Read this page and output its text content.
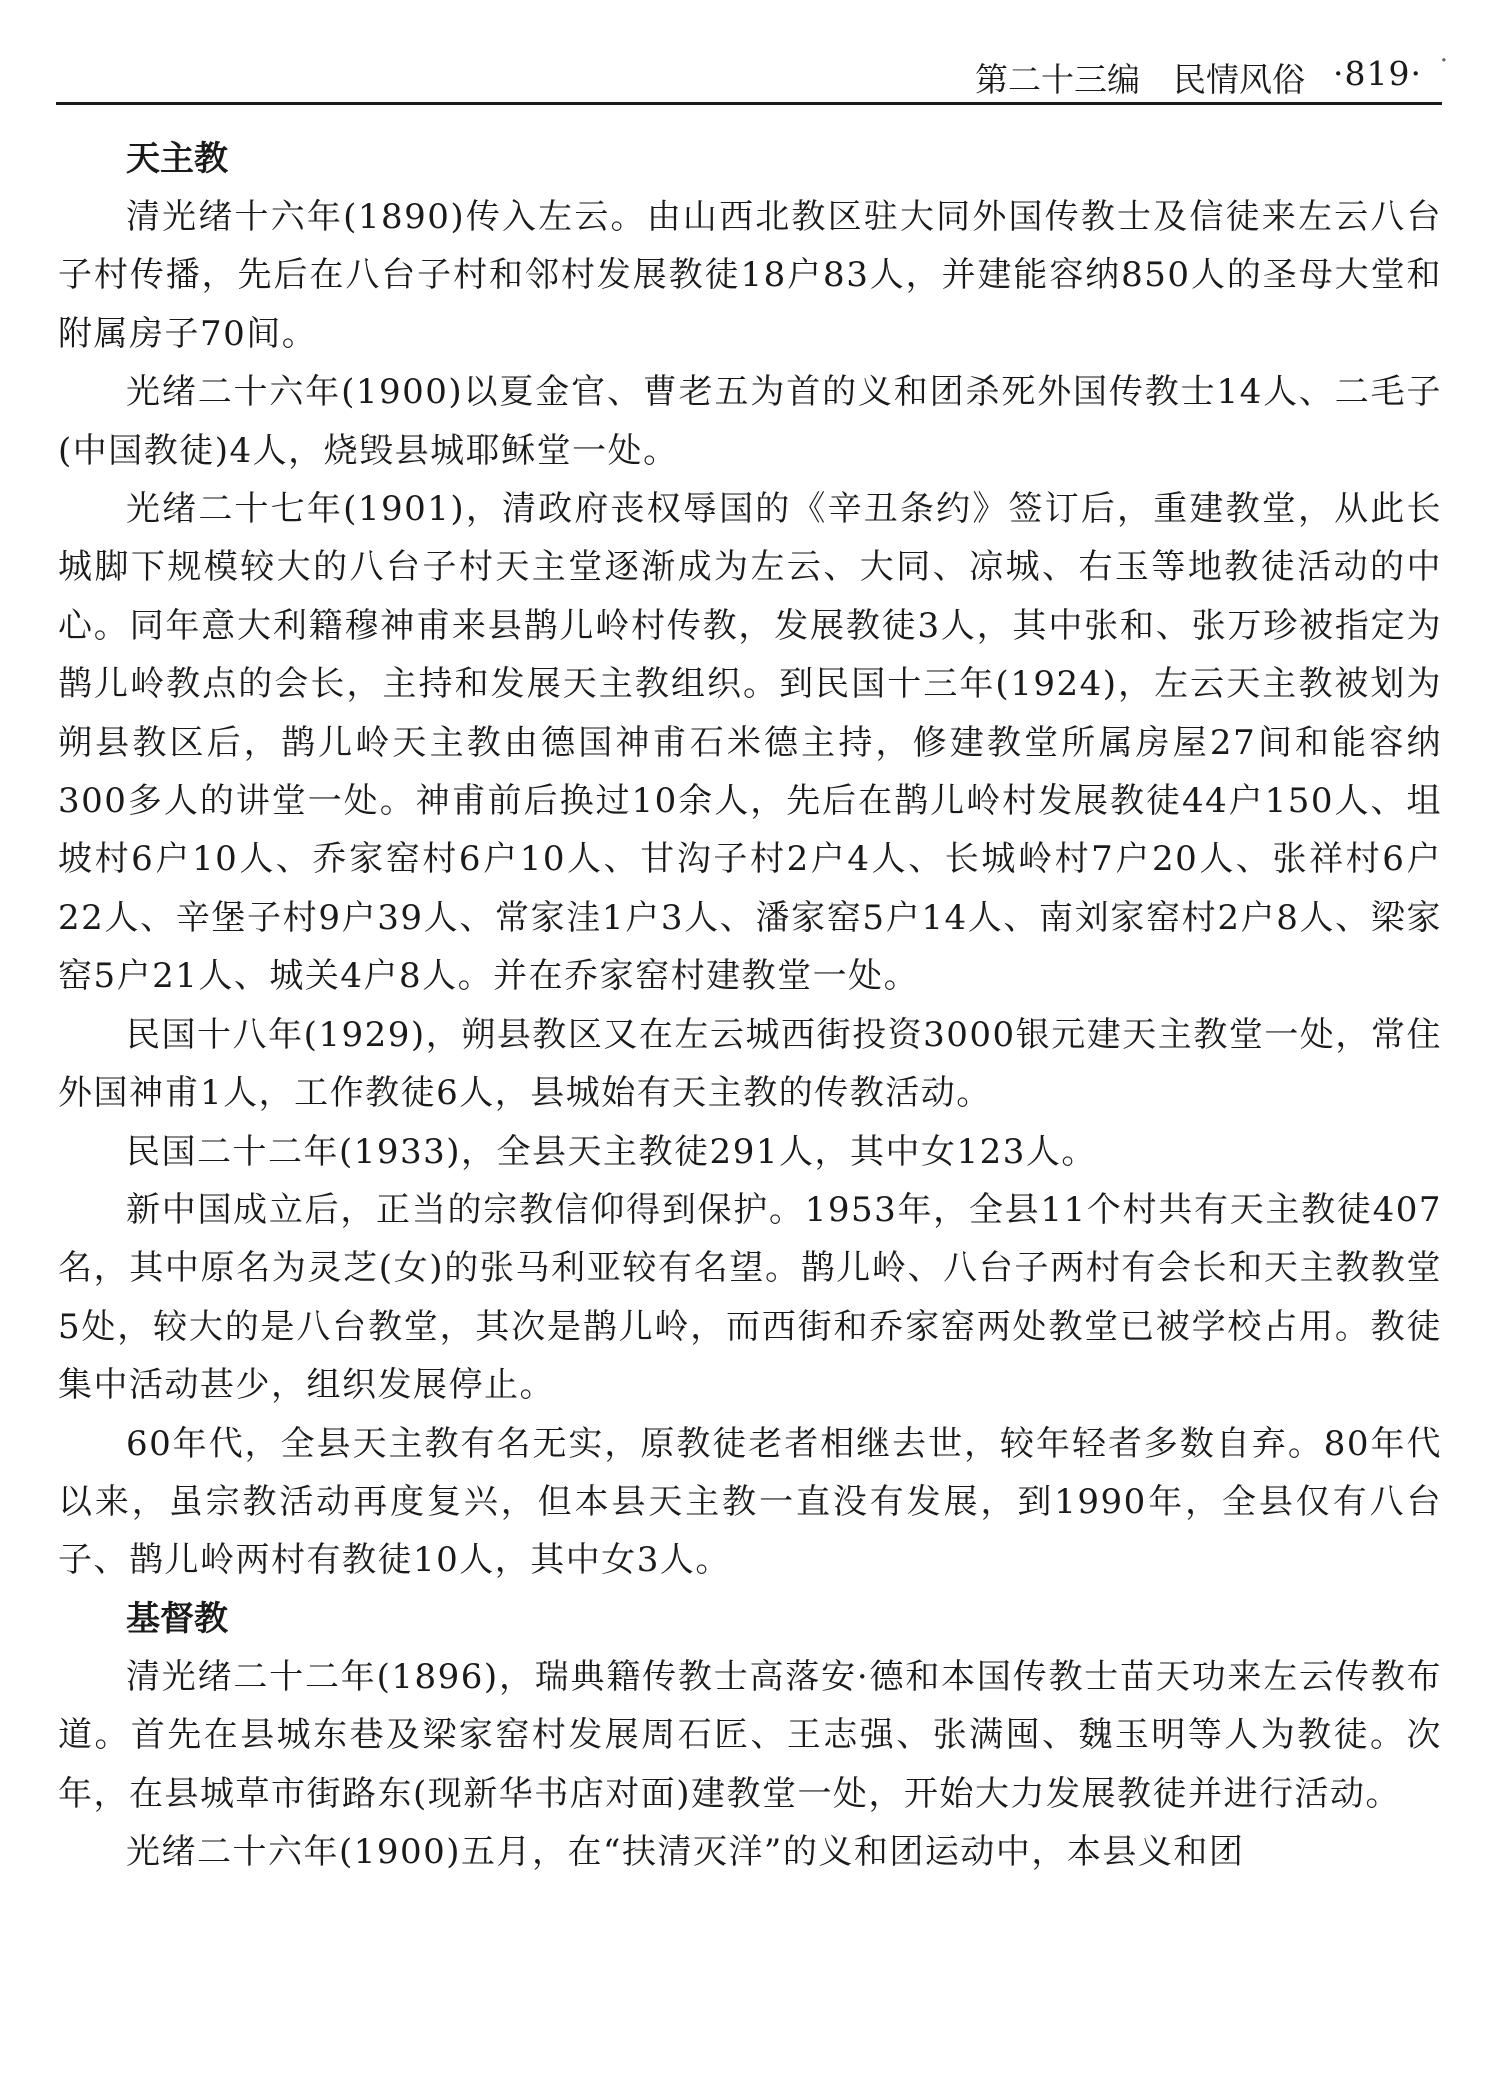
第二十三编　民情风俗 ·819· ·
天主教

清光绪十六年(1890)传入左云。由山西北教区驻大同外国传教士及信徒来左云八台子村传播，先后在八台子村和邻村发展教徒18户83人，并建能容纳850人的圣母大堂和附属房子70间。

光绪二十六年(1900)以夏金官、曹老五为首的义和团杀死外国传教士14人、二毛子(中国教徒)4人，烧毁县城耶稣堂一处。

光绪二十七年(1901)，清政府丧权辱国的《辛丑条约》签订后，重建教堂，从此长城脚下规模较大的八台子村天主堂逐渐成为左云、大同、凉城、右玉等地教徒活动的中心。同年意大利籍穆神甫来县鹊儿岭村传教，发展教徒3人，其中张和、张万珍被指定为鹊儿岭教点的会长，主持和发展天主教组织。到民国十三年(1924)，左云天主教被划为朔县教区后，鹊儿岭天主教由德国神甫石米德主持，修建教堂所属房屋27间和能容纳300多人的讲堂一处。神甫前后换过10余人，先后在鹊儿岭村发展教徒44户150人、坥坡村6户10人、乔家窑村6户10人、甘沟子村2户4人、长城岭村7户20人、张祥村6户22人、辛堡子村9户39人、常家洼1户3人、潘家窑5户14人、南刘家窑村2户8人、梁家窑5户21人、城关4户8人。并在乔家窑村建教堂一处。

民国十八年(1929)，朔县教区又在左云城西街投资3000银元建天主教堂一处，常住外国神甫1人，工作教徒6人，县城始有天主教的传教活动。

民国二十二年(1933)，全县天主教徒291人，其中女123人。

新中国成立后，正当的宗教信仰得到保护。1953年，全县11个村共有天主教徒407名，其中原名为灵芝(女)的张马利亚较有名望。鹊儿岭、八台子两村有会长和天主教教堂5处，较大的是八台教堂，其次是鹊儿岭，而西街和乔家窑两处教堂已被学校占用。教徒集中活动甚少，组织发展停止。

60年代，全县天主教有名无实，原教徒老者相继去世，较年轻者多数自弃。80年代以来，虽宗教活动再度复兴，但本县天主教一直没有发展，到1990年，全县仅有八台子、鹊儿岭两村有教徒10人，其中女3人。

基督教

清光绪二十二年(1896)，瑞典籍传教士高落安·德和本国传教士苗天功来左云传教布道。首先在县城东巷及梁家窑村发展周石匠、王志强、张满囤、魏玉明等人为教徒。次年，在县城草市街路东(现新华书店对面)建教堂一处，开始大力发展教徒并进行活动。

光绪二十六年(1900)五月，在“扶清灭洋”的义和团运动中，本县义和团
